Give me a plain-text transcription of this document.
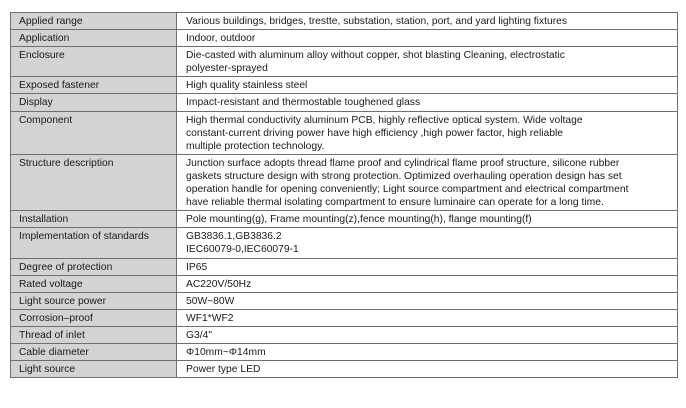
Applied range	Various buildings, bridges, trestte, substation, station, port, and yard lighting fixtures

Application	Indoor, outdoor

Enclosure	Die-casted with aluminum alloy without copper, shot blasting Cleaning, electrostatic
polyester-sprayed

Exposed fastener	High quality stainless steel

Display	Impact-resistant and thermostable toughened glass

Component	High thermal conductivity aluminum PCB, highly reflective optical system. Wide voltage
constant-current driving power have high efficiency ,high power factor, high reliable
multiple protection technology.

Structure description	Junction surface adopts thread flame proof and cylindrical flame proof structure, silicone rubber
gaskets structure design with strong protection. Optimized overhauling operation design has set
operation handle for opening conveniently; Light source compartment and electrical compartment
have reliable thermal isolating compartment to ensure luminaire can operate for a long time.

Installation	Pole mounting(g), Frame mounting(z),fence mounting(h), flange mounting(f)

Implementation of standards	GB3836.1,GB3836.2
IEC60079-0,IEC60079-1

Degree of protection	IP65

Rated voltage	AC220V/50Hz

Light source power	50W~80W

Corrosion–proof	WF1*WF2

Thread of inlet	G3/4"

Cable diameter	Φ10mm~Φ14mm

Light source	Power type LED
